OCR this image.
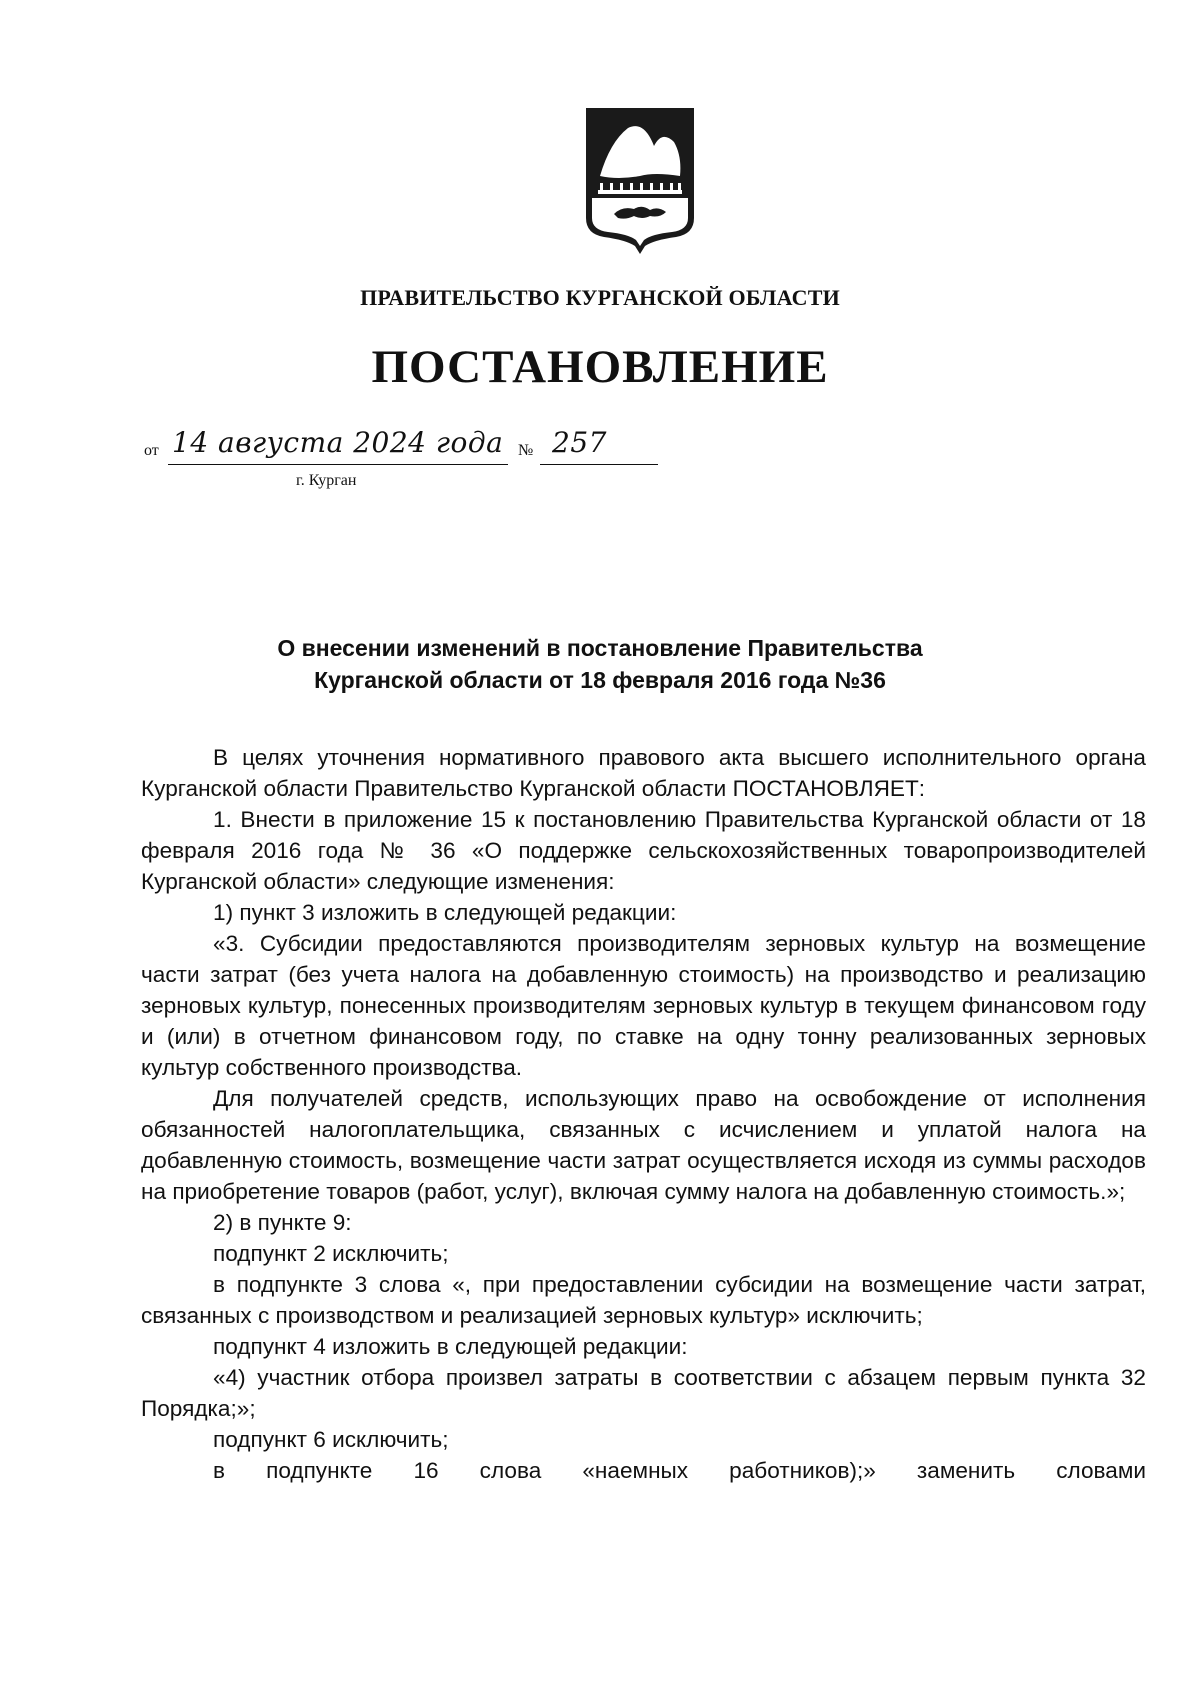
ПРАВИТЕЛЬСТВО КУРГАНСКОЙ ОБЛАСТИ
ПОСТАНОВЛЕНИЕ
от 14 августа 2024 года № 257
г. Курган
О внесении изменений в постановление Правительства
Курганской области от 18 февраля 2016 года №36

В целях уточнения нормативного правового акта высшего исполнительного органа Курганской области Правительство Курганской области ПОСТАНОВЛЯЕТ:

1. Внести в приложение 15 к постановлению Правительства Курганской области от 18 февраля 2016 года № 36 «О поддержке сельскохозяйственных товаропроизводителей Курганской области» следующие изменения:

1) пункт 3 изложить в следующей редакции:

«3. Субсидии предоставляются производителям зерновых культур на возмещение части затрат (без учета налога на добавленную стоимость) на производство и реализацию зерновых культур, понесенных производителям зерновых культур в текущем финансовом году и (или) в отчетном финансовом году, по ставке на одну тонну реализованных зерновых культур собственного производства.

Для получателей средств, использующих право на освобождение от исполнения обязанностей налогоплательщика, связанных с исчислением и уплатой налога на добавленную стоимость, возмещение части затрат осуществляется исходя из суммы расходов на приобретение товаров (работ, услуг), включая сумму налога на добавленную стоимость.»;

2) в пункте 9:

подпункт 2 исключить;

в подпункте 3 слова «, при предоставлении субсидии на возмещение части затрат, связанных с производством и реализацией зерновых культур» исключить;

подпункт 4 изложить в следующей редакции:

«4) участник отбора произвел затраты в соответствии с абзацем первым пункта 32 Порядка;»;

подпункт 6 исключить;

в подпункте 16 слова «наемных работников);» заменить словами
